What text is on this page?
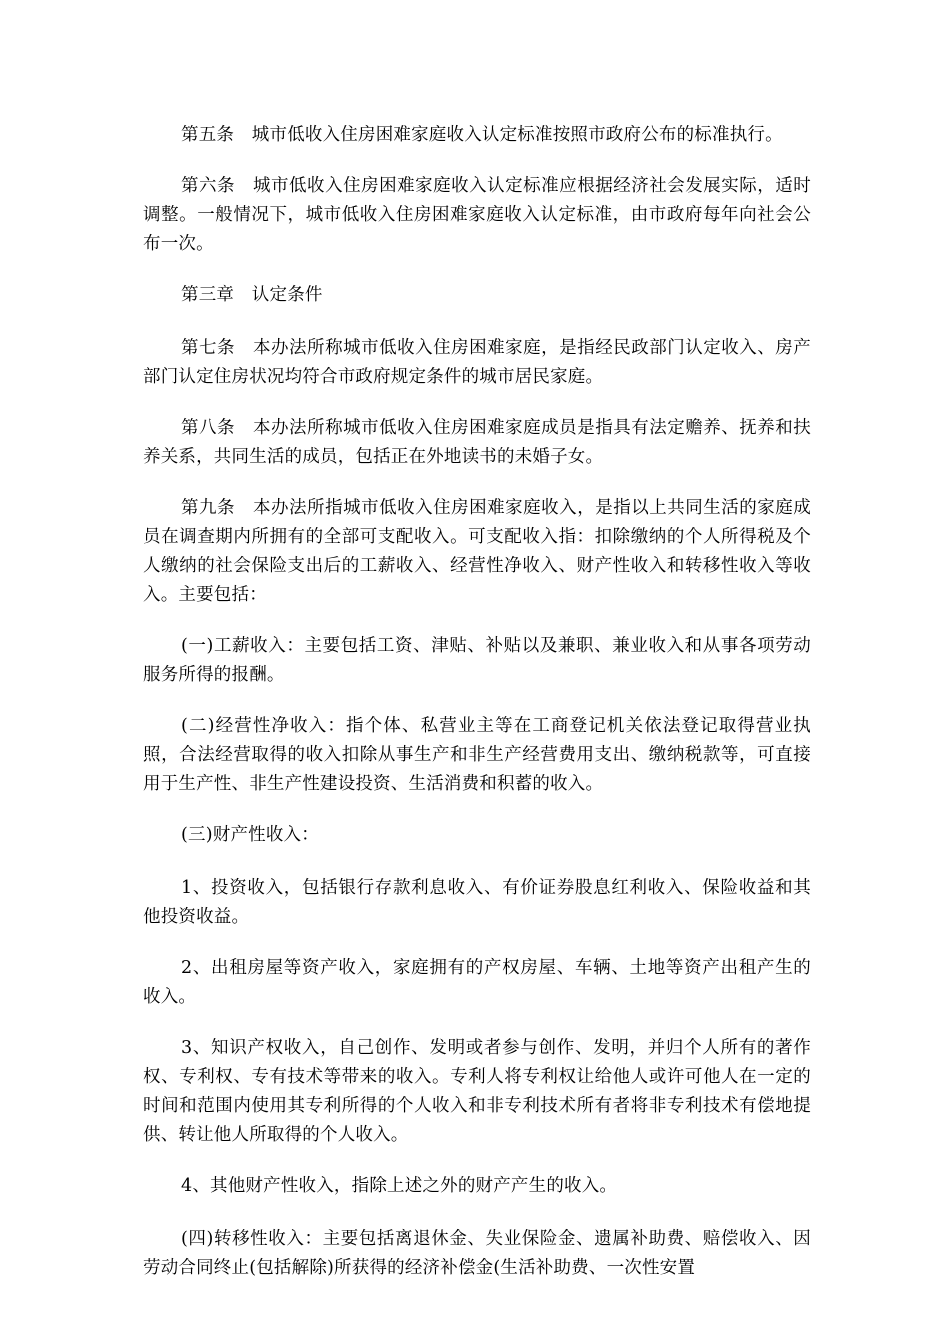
第五条　城市低收入住房困难家庭收入认定标准按照市政府公布的标准执行。

第六条　城市低收入住房困难家庭收入认定标准应根据经济社会发展实际，适时调整。一般情况下，城市低收入住房困难家庭收入认定标准，由市政府每年向社会公布一次。

第三章　认定条件

第七条　本办法所称城市低收入住房困难家庭，是指经民政部门认定收入、房产部门认定住房状况均符合市政府规定条件的城市居民家庭。

第八条　本办法所称城市低收入住房困难家庭成员是指具有法定赡养、抚养和扶养关系，共同生活的成员，包括正在外地读书的未婚子女。

第九条　本办法所指城市低收入住房困难家庭收入，是指以上共同生活的家庭成员在调查期内所拥有的全部可支配收入。可支配收入指：扣除缴纳的个人所得税及个人缴纳的社会保险支出后的工薪收入、经营性净收入、财产性收入和转移性收入等收入。主要包括：

(一)工薪收入：主要包括工资、津贴、补贴以及兼职、兼业收入和从事各项劳动服务所得的报酬。

(二)经营性净收入：指个体、私营业主等在工商登记机关依法登记取得营业执照，合法经营取得的收入扣除从事生产和非生产经营费用支出、缴纳税款等，可直接用于生产性、非生产性建设投资、生活消费和积蓄的收入。

(三)财产性收入：

1、投资收入，包括银行存款利息收入、有价证券股息红利收入、保险收益和其他投资收益。

2、出租房屋等资产收入，家庭拥有的产权房屋、车辆、土地等资产出租产生的收入。

3、知识产权收入，自己创作、发明或者参与创作、发明，并归个人所有的著作权、专利权、专有技术等带来的收入。专利人将专利权让给他人或许可他人在一定的时间和范围内使用其专利所得的个人收入和非专利技术所有者将非专利技术有偿地提供、转让他人所取得的个人收入。

4、其他财产性收入，指除上述之外的财产产生的收入。

(四)转移性收入：主要包括离退休金、失业保险金、遗属补助费、赔偿收入、因劳动合同终止(包括解除)所获得的经济补偿金(生活补助费、一次性安置
